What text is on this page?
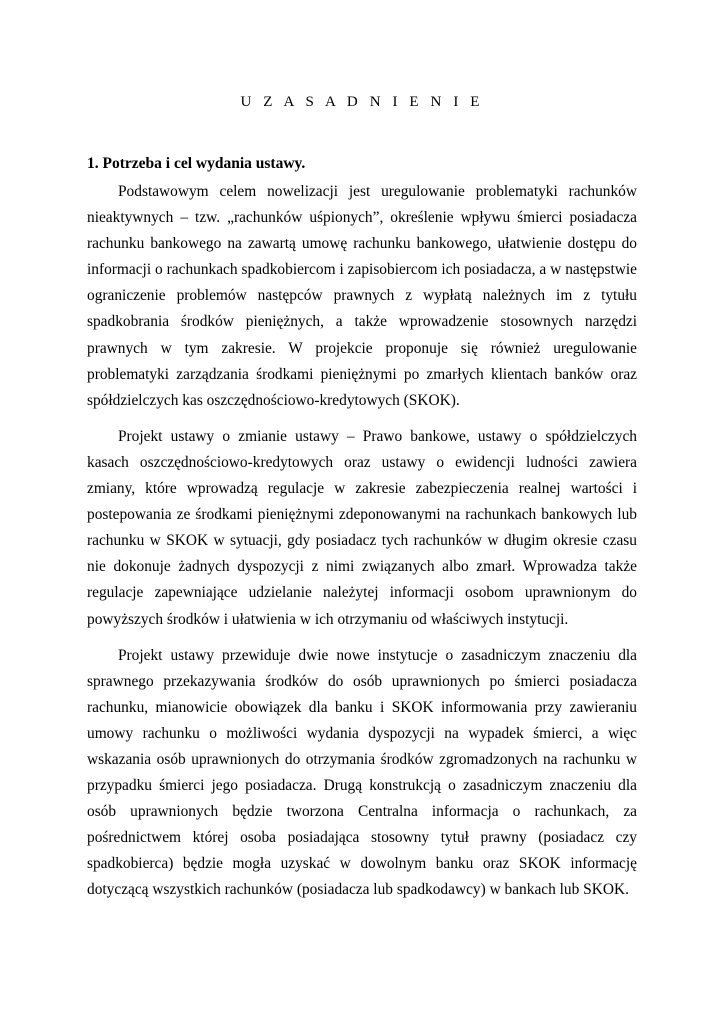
U Z A S A D N I E N I E
1. Potrzeba i cel wydania ustawy.

Podstawowym celem nowelizacji jest uregulowanie problematyki rachunków nieaktywnych – tzw. „rachunków uśpionych”, określenie wpływu śmierci posiadacza rachunku bankowego na zawartą umowę rachunku bankowego, ułatwienie dostępu do informacji o rachunkach spadkobiercom i zapisobiercom ich posiadacza, a w następstwie ograniczenie problemów następców prawnych z wypłatą należnych im z tytułu spadkobrania środków pieniężnych, a także wprowadzenie stosownych narzędzi prawnych w tym zakresie. W projekcie proponuje się również uregulowanie problematyki zarządzania środkami pieniężnymi po zmarłych klientach banków oraz spółdzielczych kas oszczędnościowo-kredytowych (SKOK).

Projekt ustawy o zmianie ustawy – Prawo bankowe, ustawy o spółdzielczych kasach oszczędnościowo-kredytowych oraz ustawy o ewidencji ludności zawiera zmiany, które wprowadzą regulacje w zakresie zabezpieczenia realnej wartości i postepowania ze środkami pieniężnymi zdeponowanymi na rachunkach bankowych lub rachunku w SKOK w sytuacji, gdy posiadacz tych rachunków w długim okresie czasu nie dokonuje żadnych dyspozycji z nimi związanych albo zmarł. Wprowadza także regulacje zapewniające udzielanie należytej informacji osobom uprawnionym do powyższych środków i ułatwienia w ich otrzymaniu od właściwych instytucji.

Projekt ustawy przewiduje dwie nowe instytucje o zasadniczym znaczeniu dla sprawnego przekazywania środków do osób uprawnionych po śmierci posiadacza rachunku, mianowicie obowiązek dla banku i SKOK informowania przy zawieraniu umowy rachunku o możliwości wydania dyspozycji na wypadek śmierci, a więc wskazania osób uprawnionych do otrzymania środków zgromadzonych na rachunku w przypadku śmierci jego posiadacza. Drugą konstrukcją o zasadniczym znaczeniu dla osób uprawnionych będzie tworzona Centralna informacja o rachunkach, za pośrednictwem której osoba posiadająca stosowny tytuł prawny (posiadacz czy spadkobierca) będzie mogła uzyskać w dowolnym banku oraz SKOK informację dotyczącą wszystkich rachunków (posiadacza lub spadkodawcy) w bankach lub SKOK.
